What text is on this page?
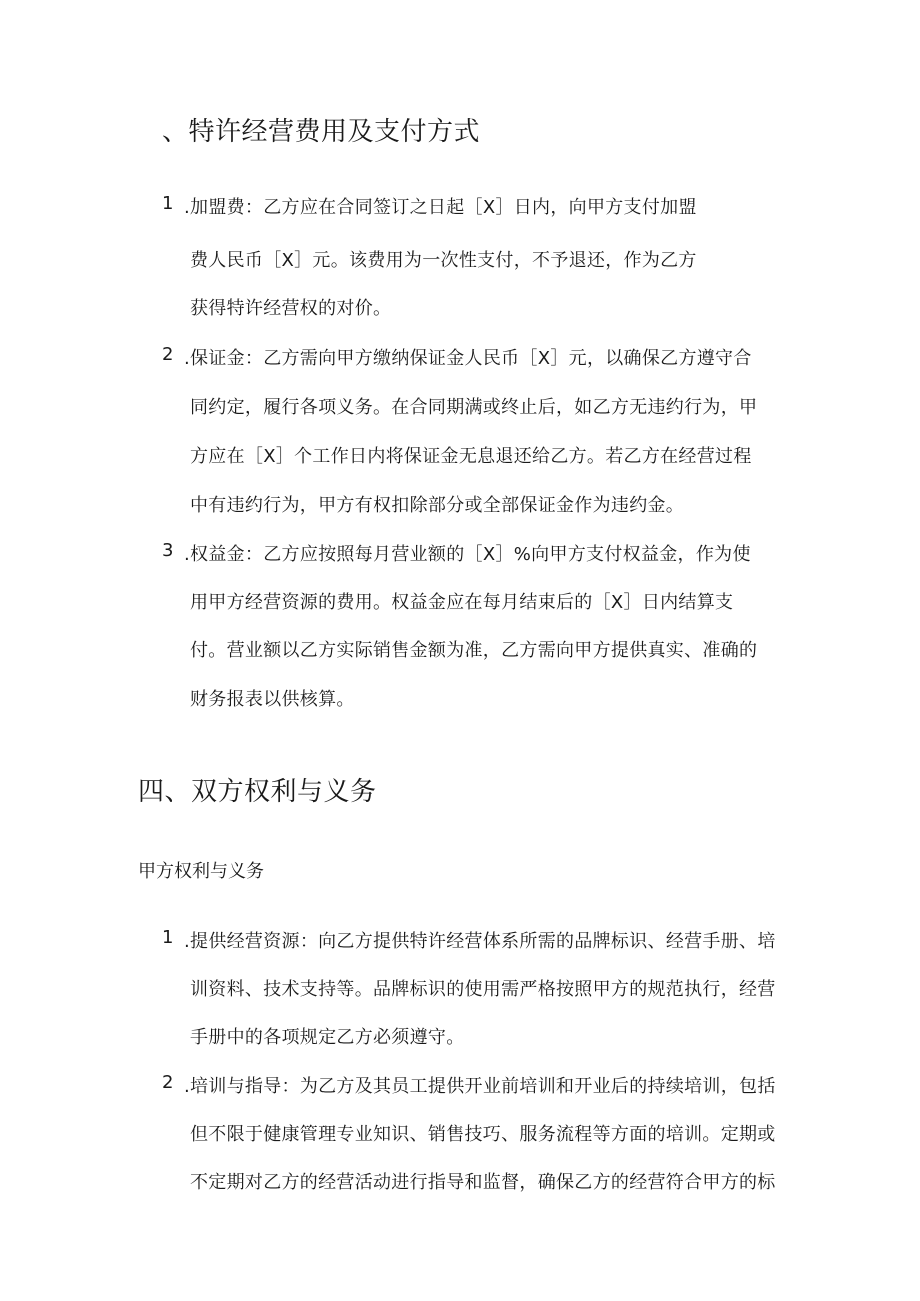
、特许经营费用及支付方式
1 .加盟费：乙方应在合同签订之日起［X］日内，向甲方支付加盟
费人民币［X］元。该费用为一次性支付，不予退还，作为乙方
获得特许经营权的对价。
2 .保证金：乙方需向甲方缴纳保证金人民币［X］元，以确保乙方遵守合
同约定，履行各项义务。在合同期满或终止后，如乙方无违约行为，甲
方应在［X］个工作日内将保证金无息退还给乙方。若乙方在经营过程
中有违约行为，甲方有权扣除部分或全部保证金作为违约金。
3 .权益金：乙方应按照每月营业额的［X］%向甲方支付权益金，作为使
用甲方经营资源的费用。权益金应在每月结束后的［X］日内结算支
付。营业额以乙方实际销售金额为准，乙方需向甲方提供真实、准确的
财务报表以供核算。
四、双方权利与义务
甲方权利与义务
1 .提供经营资源：向乙方提供特许经营体系所需的品牌标识、经营手册、培
训资料、技术支持等。品牌标识的使用需严格按照甲方的规范执行，经营
手册中的各项规定乙方必须遵守。
2 .培训与指导：为乙方及其员工提供开业前培训和开业后的持续培训，包括
但不限于健康管理专业知识、销售技巧、服务流程等方面的培训。定期或
不定期对乙方的经营活动进行指导和监督，确保乙方的经营符合甲方的标
